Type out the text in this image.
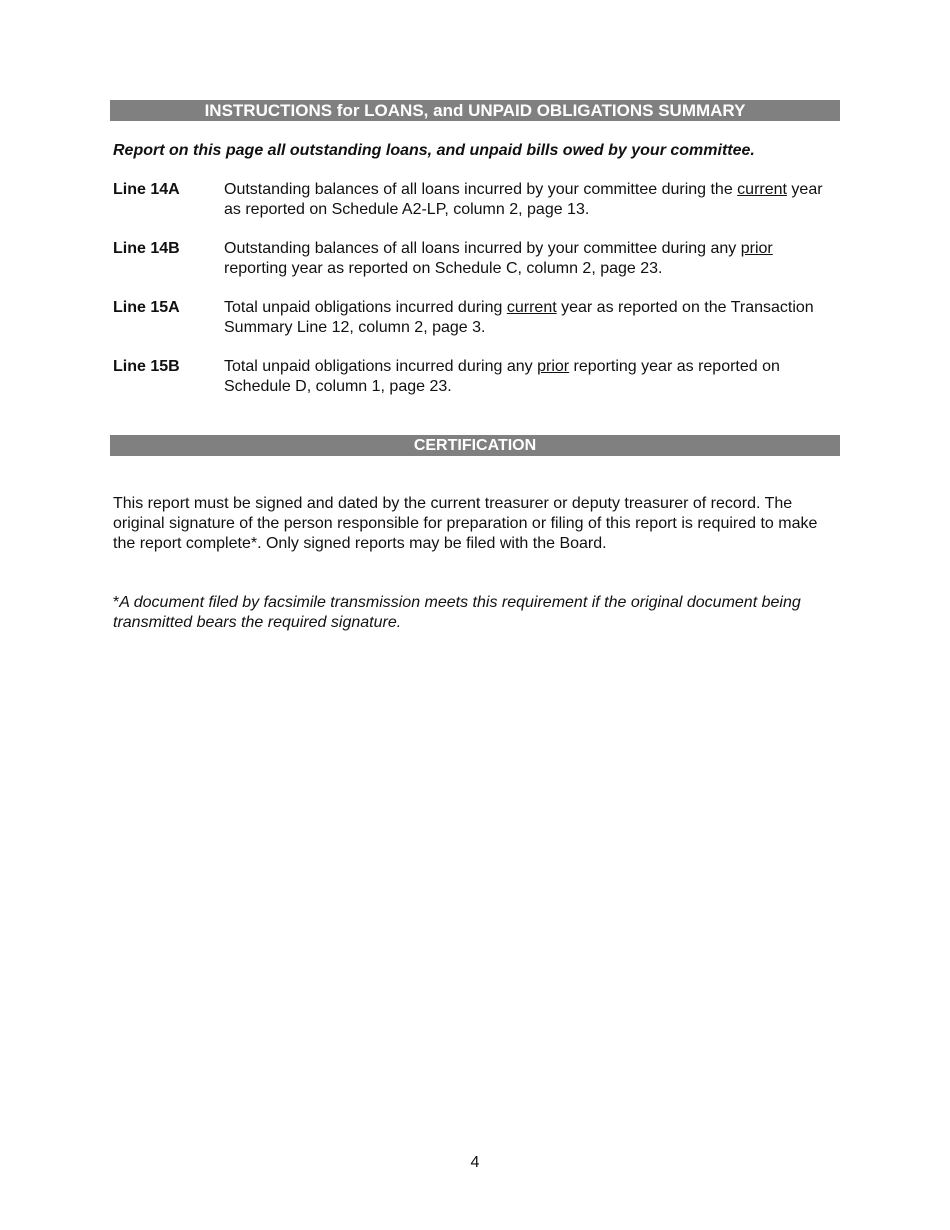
INSTRUCTIONS for LOANS, and UNPAID OBLIGATIONS SUMMARY
Report on this page all outstanding loans, and unpaid bills owed by your committee.
Line 14A	Outstanding balances of all loans incurred by your committee during the current year as reported on Schedule A2-LP, column 2, page 13.
Line 14B	Outstanding balances of all loans incurred by your committee during any prior reporting year as reported on Schedule C, column 2, page 23.
Line 15A	Total unpaid obligations incurred during current year as reported on the Transaction Summary Line 12, column 2, page 3.
Line 15B	Total unpaid obligations incurred during any prior reporting year as reported on Schedule D, column 1, page 23.
CERTIFICATION
This report must be signed and dated by the current treasurer or deputy treasurer of record. The original signature of the person responsible for preparation or filing of this report is required to make the report complete*. Only signed reports may be filed with the Board.
*A document filed by facsimile transmission meets this requirement if the original document being transmitted bears the required signature.
4
